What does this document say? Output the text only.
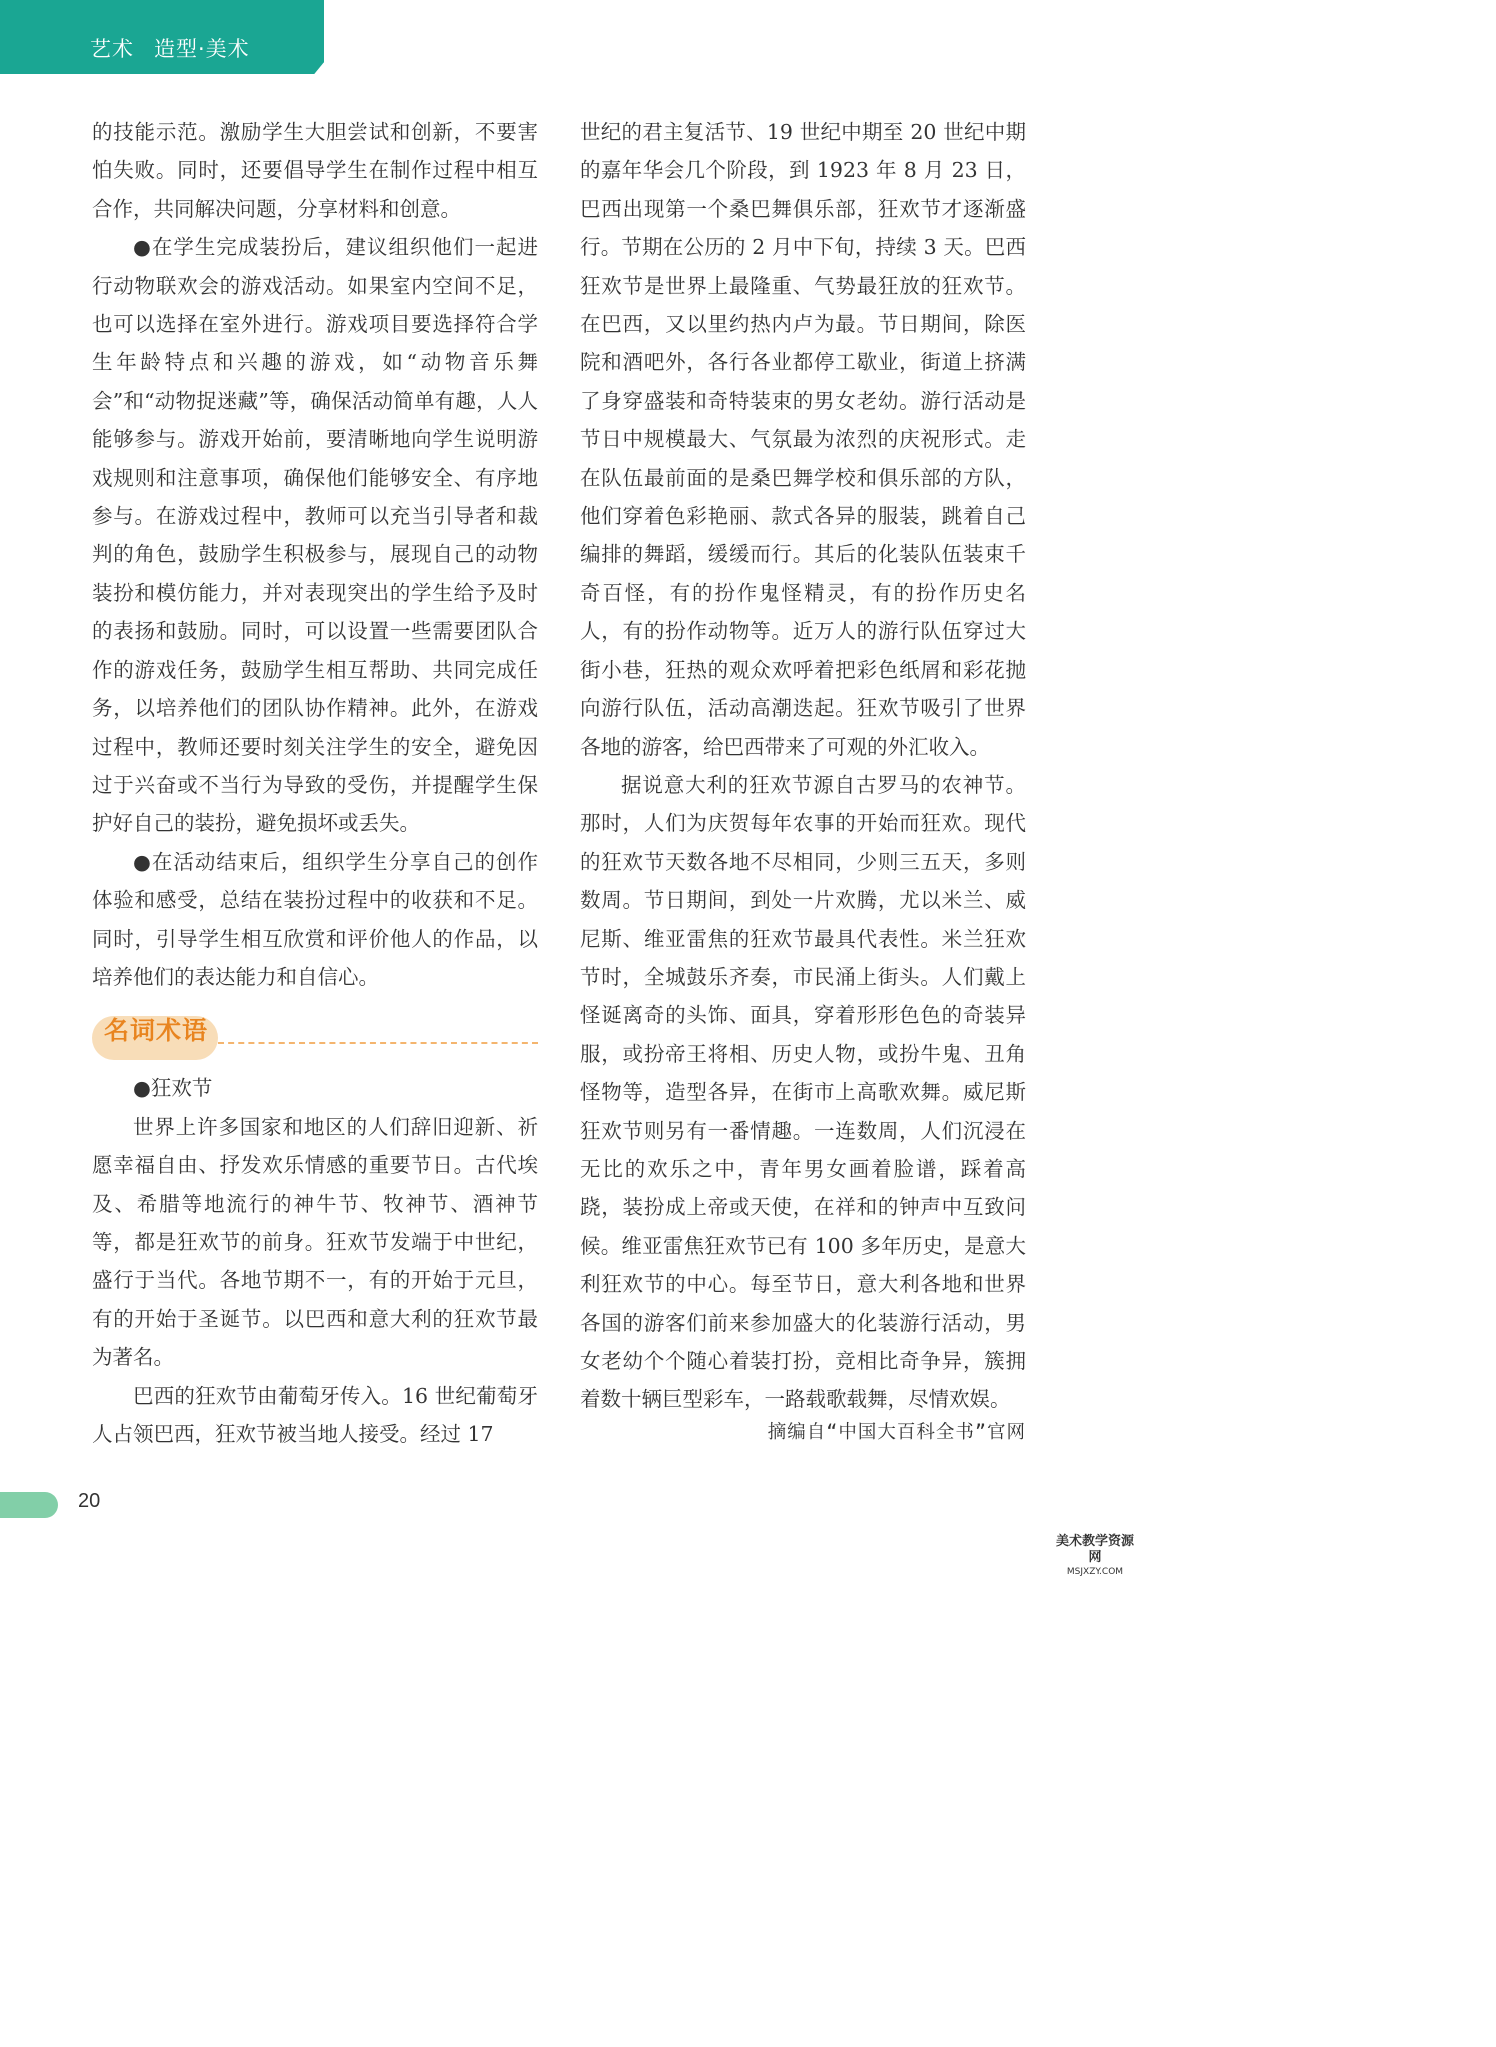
艺术 造型·美术

的技能示范。激励学生大胆尝试和创新，不要害怕失败。同时，还要倡导学生在制作过程中相互合作，共同解决问题，分享材料和创意。

●在学生完成装扮后，建议组织他们一起进行动物联欢会的游戏活动。如果室内空间不足，也可以选择在室外进行。游戏项目要选择符合学生年龄特点和兴趣的游戏，如“动物音乐舞会”和“动物捉迷藏”等，确保活动简单有趣，人人能够参与。游戏开始前，要清晰地向学生说明游戏规则和注意事项，确保他们能够安全、有序地参与。在游戏过程中，教师可以充当引导者和裁判的角色，鼓励学生积极参与，展现自己的动物装扮和模仿能力，并对表现突出的学生给予及时的表扬和鼓励。同时，可以设置一些需要团队合作的游戏任务，鼓励学生相互帮助、共同完成任务，以培养他们的团队协作精神。此外，在游戏过程中，教师还要时刻关注学生的安全，避免因过于兴奋或不当行为导致的受伤，并提醒学生保护好自己的装扮，避免损坏或丢失。

●在活动结束后，组织学生分享自己的创作体验和感受，总结在装扮过程中的收获和不足。同时，引导学生相互欣赏和评价他人的作品，以培养他们的表达能力和自信心。

名词术语

●狂欢节

世界上许多国家和地区的人们辞旧迎新、祈愿幸福自由、抒发欢乐情感的重要节日。古代埃及、希腊等地流行的神牛节、牧神节、酒神节等，都是狂欢节的前身。狂欢节发端于中世纪，盛行于当代。各地节期不一，有的开始于元旦，有的开始于圣诞节。以巴西和意大利的狂欢节最为著名。

巴西的狂欢节由葡萄牙传入。16 世纪葡萄牙人占领巴西，狂欢节被当地人接受。经过 17

世纪的君主复活节、19 世纪中期至 20 世纪中期的嘉年华会几个阶段，到 1923 年 8 月 23 日，巴西出现第一个桑巴舞俱乐部，狂欢节才逐渐盛行。节期在公历的 2 月中下旬，持续 3 天。巴西狂欢节是世界上最隆重、气势最狂放的狂欢节。在巴西，又以里约热内卢为最。节日期间，除医院和酒吧外，各行各业都停工歇业，街道上挤满了身穿盛装和奇特装束的男女老幼。游行活动是节日中规模最大、气氛最为浓烈的庆祝形式。走在队伍最前面的是桑巴舞学校和俱乐部的方队，他们穿着色彩艳丽、款式各异的服装，跳着自己编排的舞蹈，缓缓而行。其后的化装队伍装束千奇百怪，有的扮作鬼怪精灵，有的扮作历史名人，有的扮作动物等。近万人的游行队伍穿过大街小巷，狂热的观众欢呼着把彩色纸屑和彩花抛向游行队伍，活动高潮迭起。狂欢节吸引了世界各地的游客，给巴西带来了可观的外汇收入。

据说意大利的狂欢节源自古罗马的农神节。那时，人们为庆贺每年农事的开始而狂欢。现代的狂欢节天数各地不尽相同，少则三五天，多则数周。节日期间，到处一片欢腾，尤以米兰、威尼斯、维亚雷焦的狂欢节最具代表性。米兰狂欢节时，全城鼓乐齐奏，市民涌上街头。人们戴上怪诞离奇的头饰、面具，穿着形形色色的奇装异服，或扮帝王将相、历史人物，或扮牛鬼、丑角怪物等，造型各异，在街市上高歌欢舞。威尼斯狂欢节则另有一番情趣。一连数周，人们沉浸在无比的欢乐之中，青年男女画着脸谱，踩着高跷，装扮成上帝或天使，在祥和的钟声中互致问候。维亚雷焦狂欢节已有 100 多年历史，是意大利狂欢节的中心。每至节日，意大利各地和世界各国的游客们前来参加盛大的化装游行活动，男女老幼个个随心着装打扮，竞相比奇争异，簇拥着数十辆巨型彩车，一路载歌载舞，尽情欢娱。

摘编自“中国大百科全书”官网
20
美术教学资源网
MSJXZY.COM
